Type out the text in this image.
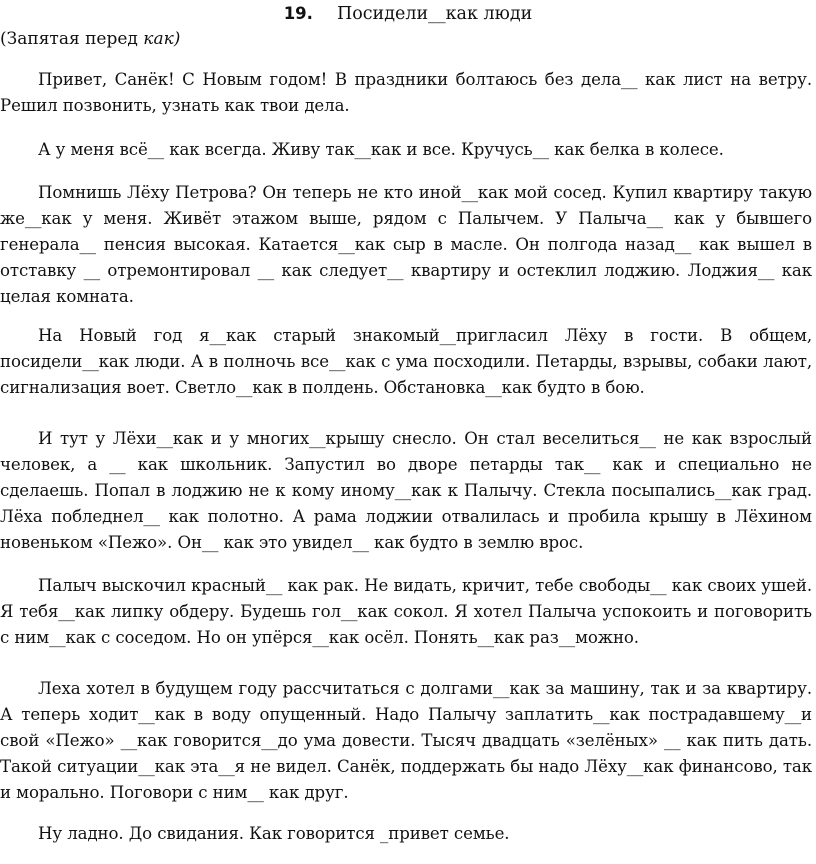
19. Посидели__как люди
(Запятая перед как)

Привет, Санёк! С Новым годом! В праздники болтаюсь без дела__ как лист на ветру. Решил позвонить, узнать как твои дела.

А у меня всё__ как всегда. Живу так__как и все. Кручусь__ как белка в колесе.

Помнишь Лёху Петрова? Он теперь не кто иной__как мой сосед. Купил квартиру такую же__как у меня. Живёт этажом выше, рядом с Палычем. У Палыча__ как у бывшего генерала__ пенсия высокая. Катается__как сыр в масле. Он полгода назад__ как вышел в отставку __ отремонтировал __ как следует__ квартиру и остеклил лоджию. Лоджия__ как целая комната.

На Новый год я__как старый знакомый__пригласил Лёху в гости. В общем, посидели__как люди. А в полночь все__как с ума посходили. Петарды, взрывы, собаки лают, сигнализация воет. Светло__как в полдень. Обстановка__как будто в бою.

И тут у Лёхи__как и у многих__крышу снесло. Он стал веселиться__ не как взрослый человек, а __ как школьник. Запустил во дворе петарды так__ как и специально не сделаешь. Попал в лоджию не к кому иному__как к Палычу. Стекла посыпались__как град. Лёха побледнел__ как полотно. А рама лоджии отвалилась и пробила крышу в Лёхином новеньком «Пежо». Он__ как это увидел__ как будто в землю врос.

Палыч выскочил красный__ как рак. Не видать, кричит, тебе свободы__ как своих ушей. Я тебя__как липку обдеру. Будешь гол__как сокол. Я хотел Палыча успокоить и поговорить с ним__как с соседом. Но он упёрся__как осёл. Понять__как раз__можно.

Леха хотел в будущем году рассчитаться с долгами__как за машину, так и за квартиру. А теперь ходит__как в воду опущенный. Надо Палычу заплатить__как пострадавшему__и свой «Пежо» __как говорится__до ума довести. Тысяч двадцать «зелёных» __ как пить дать. Такой ситуации__как эта__я не видел. Санёк, поддержать бы надо Лёху__как финансово, так и морально. Поговори с ним__ как друг.

Ну ладно. До свидания. Как говорится _привет семье.
